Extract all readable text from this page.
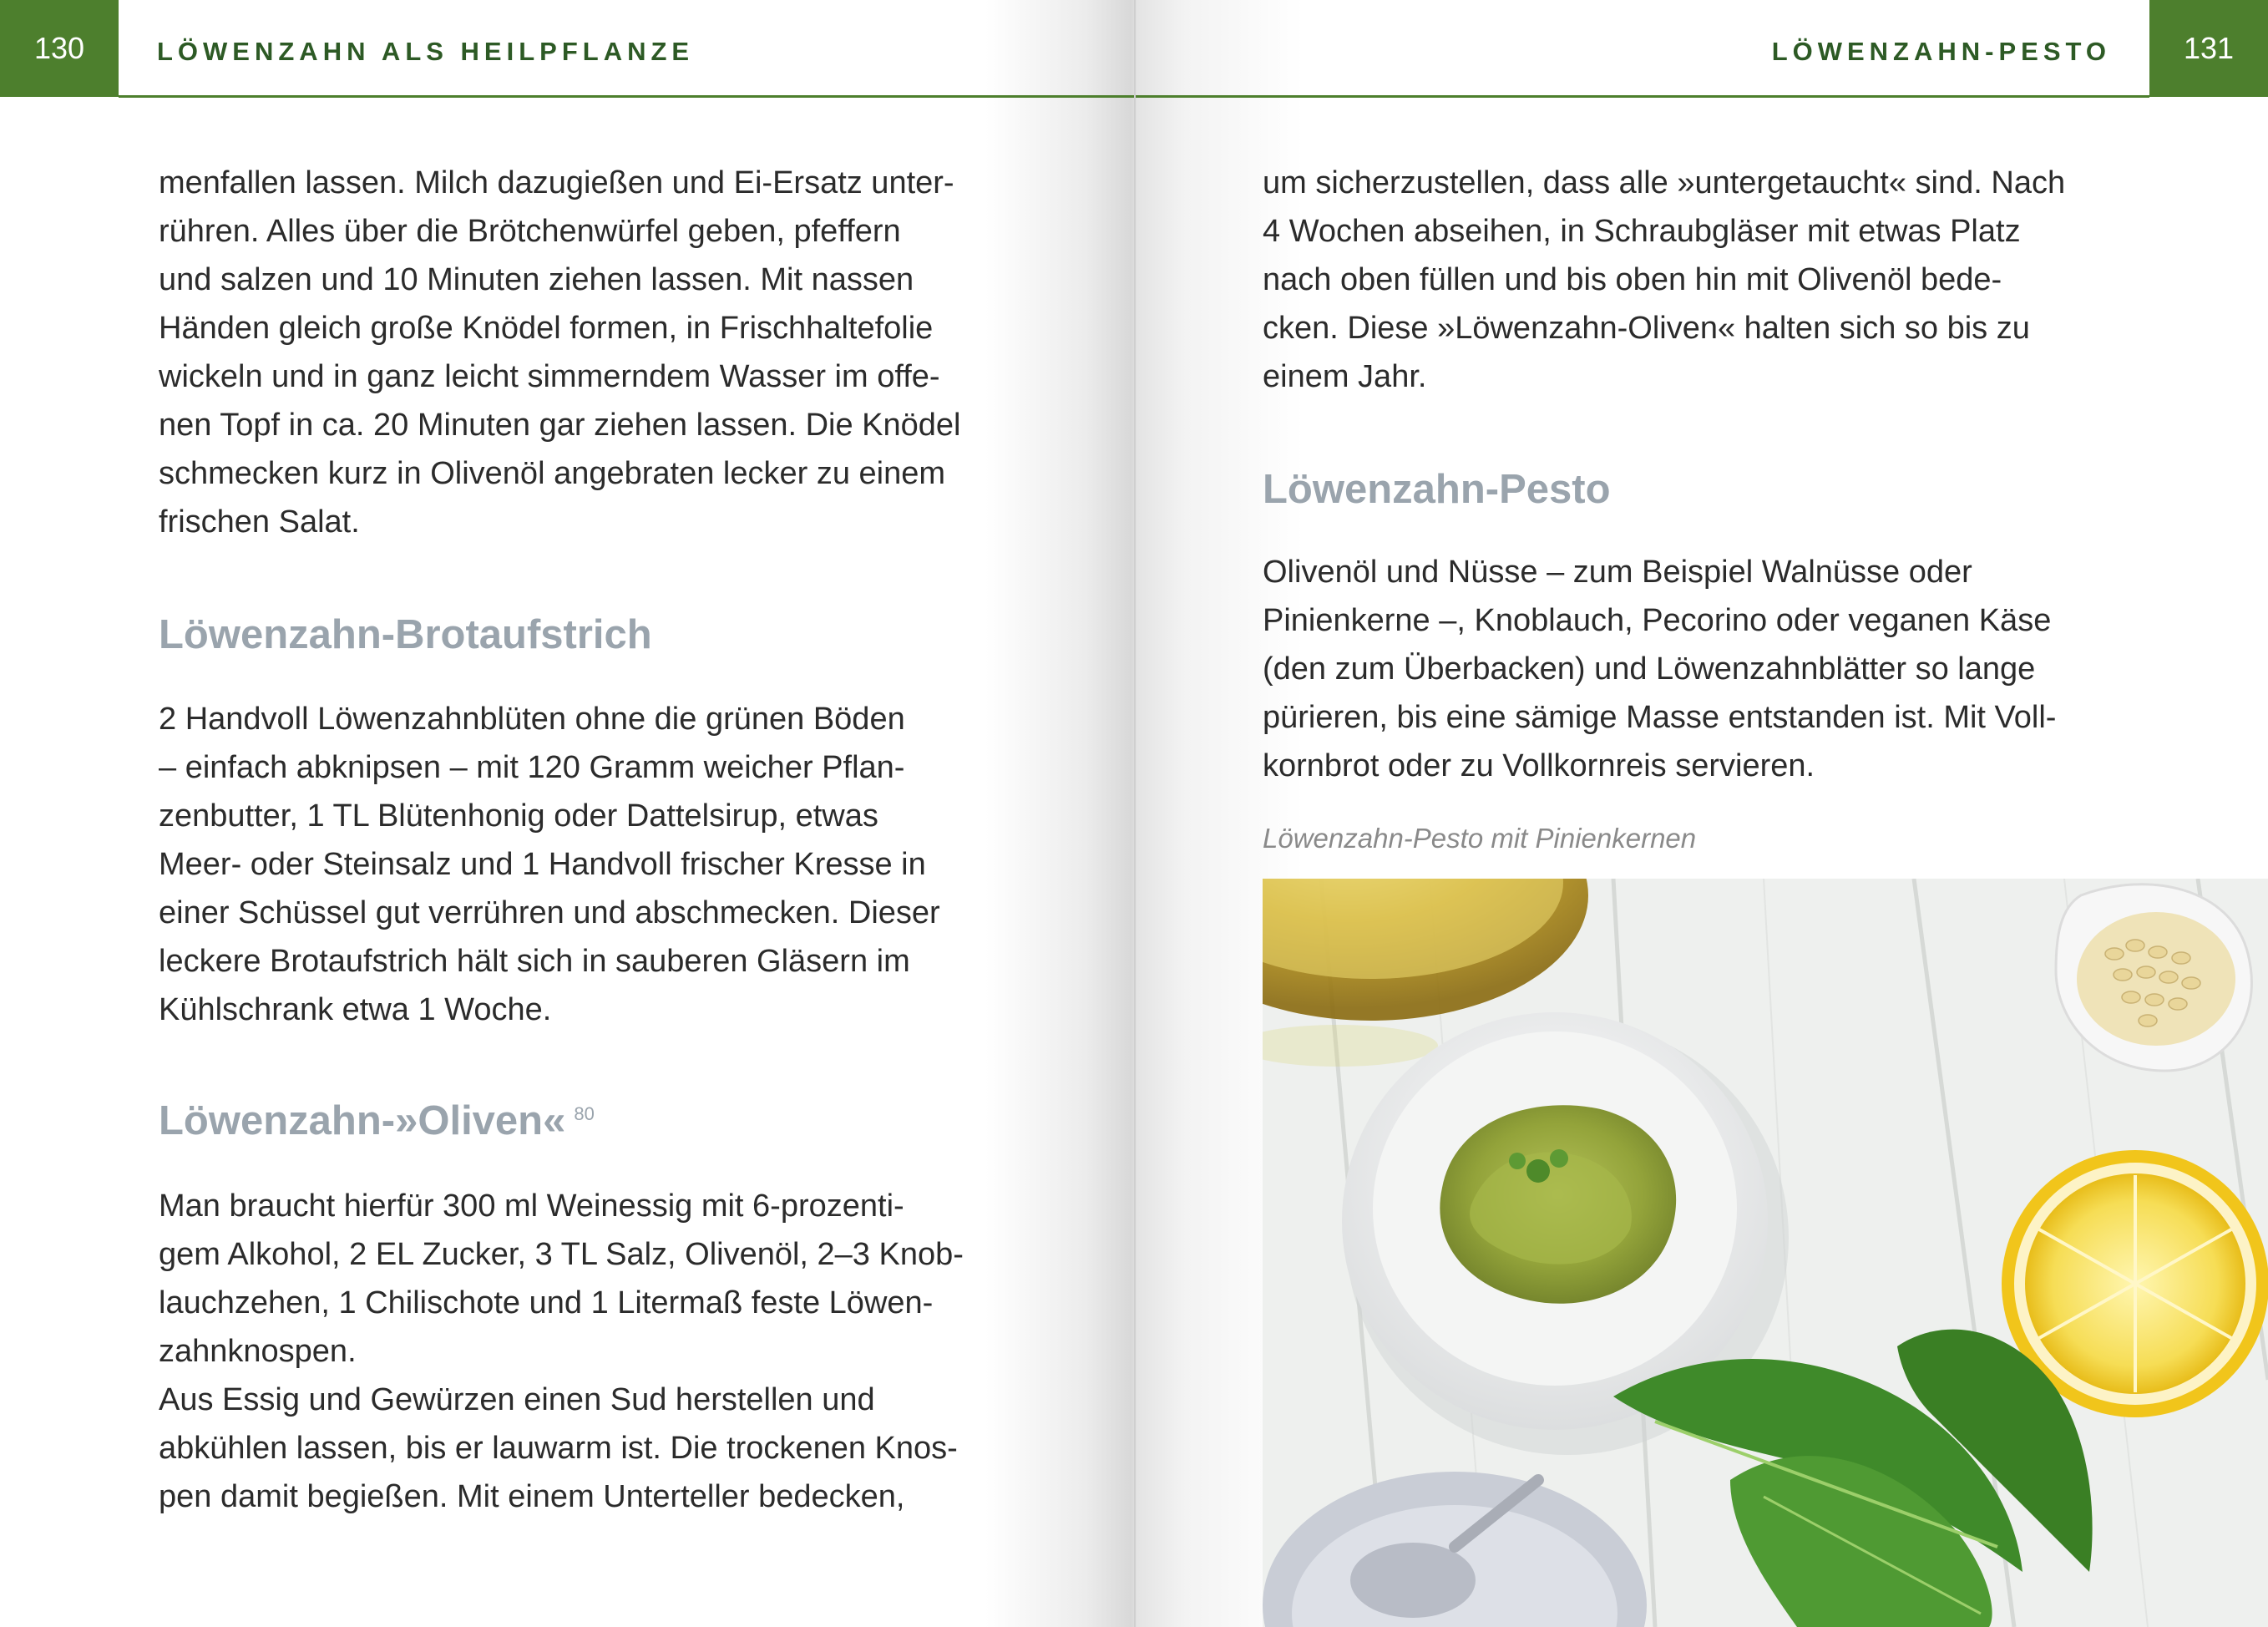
130	LÖWENZAHN ALS HEILPFLANZE	LÖWENZAHN-PESTO	131
menfallen lassen. Milch dazugießen und Ei-Ersatz unter-
rühren. Alles über die Brötchenwürfel geben, pfeffern
und salzen und 10 Minuten ziehen lassen. Mit nassen
Händen gleich große Knödel formen, in Frischhaltefolie
wickeln und in ganz leicht simmerndem Wasser im offe-
nen Topf in ca. 20 Minuten gar ziehen lassen. Die Knödel
schmecken kurz in Olivenöl angebraten lecker zu einem
frischen Salat.
Löwenzahn-Brotaufstrich
2 Handvoll Löwenzahnblüten ohne die grünen Böden
– einfach abknipsen – mit 120 Gramm weicher Pflan-
zenbutter, 1 TL Blütenhonig oder Dattelsirup, etwas
Meer- oder Steinsalz und 1 Handvoll frischer Kresse in
einer Schüssel gut verrühren und abschmecken. Dieser
leckere Brotaufstrich hält sich in sauberen Gläsern im
Kühlschrank etwa 1 Woche.
Löwenzahn-»Oliven« $^{80}$
Man braucht hierfür 300 ml Weinessig mit 6-prozenti-
gem Alkohol, 2 EL Zucker, 3 TL Salz, Olivenöl, 2–3 Knob-
lauchzehen, 1 Chilischote und 1 Litermaß feste Löwen-
zahnknospen.
Aus Essig und Gewürzen einen Sud herstellen und
abkühlen lassen, bis er lauwarm ist. Die trockenen Knos-
pen damit begießen. Mit einem Unterteller bedecken,
um sicherzustellen, dass alle »untergetaucht« sind. Nach
4 Wochen abseihen, in Schraubgläser mit etwas Platz
nach oben füllen und bis oben hin mit Olivenöl bede-
cken. Diese »Löwenzahn-Oliven« halten sich so bis zu
einem Jahr.
Löwenzahn-Pesto
Olivenöl und Nüsse – zum Beispiel Walnüsse oder
Pinienkerne –, Knoblauch, Pecorino oder veganen Käse
(den zum Überbacken) und Löwenzahnblätter so lange
pürieren, bis eine sämige Masse entstanden ist. Mit Voll-
kornbrot oder zu Vollkornreis servieren.
Löwenzahn-Pesto mit Pinienkernen
